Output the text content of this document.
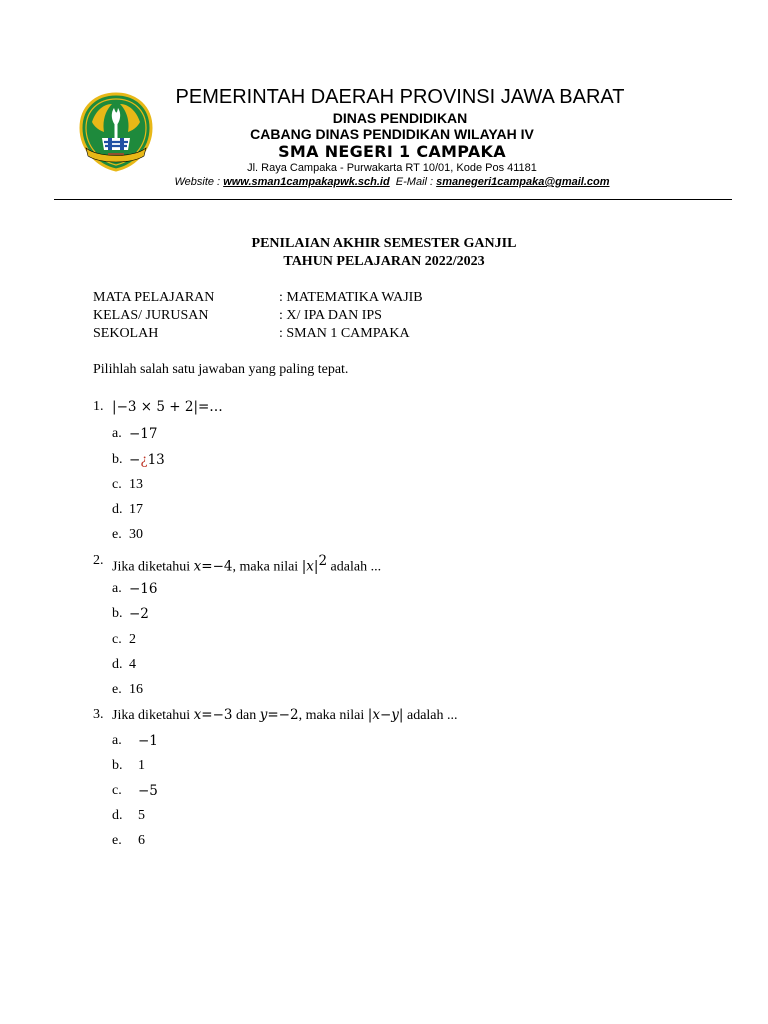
PEMERINTAH DAERAH PROVINSI JAWA BARAT
DINAS PENDIDIKAN
CABANG DINAS PENDIDIKAN WILAYAH IV
SMA NEGERI 1 CAMPAKA
Jl. Raya Campaka - Purwakarta RT 10/01, Kode Pos 41181
Website : www.sman1campakapwk.sch.id  E-Mail : smanegeri1campaka@gmail.com
PENILAIAN AKHIR SEMESTER GANJIL
TAHUN PELAJARAN 2022/2023
MATA PELAJARAN	: MATEMATIKA WAJIB
KELAS/ JURUSAN	: X/ IPA DAN IPS
SEKOLAH	: SMAN 1 CAMPAKA
Pilihlah salah satu jawaban yang paling tepat.
1. |−3 × 5 + 2|=…
a. −17
b. −¿13
c. 13
d. 17
e. 30
2. Jika diketahui x=−4, maka nilai $|x|^2$ adalah ...
a. −16
b. −2
c. 2
d. 4
e. 16
3. Jika diketahui x=−3 dan y=−2, maka nilai |x−y| adalah ...
a. −1
b. 1
c. −5
d. 5
e. 6
